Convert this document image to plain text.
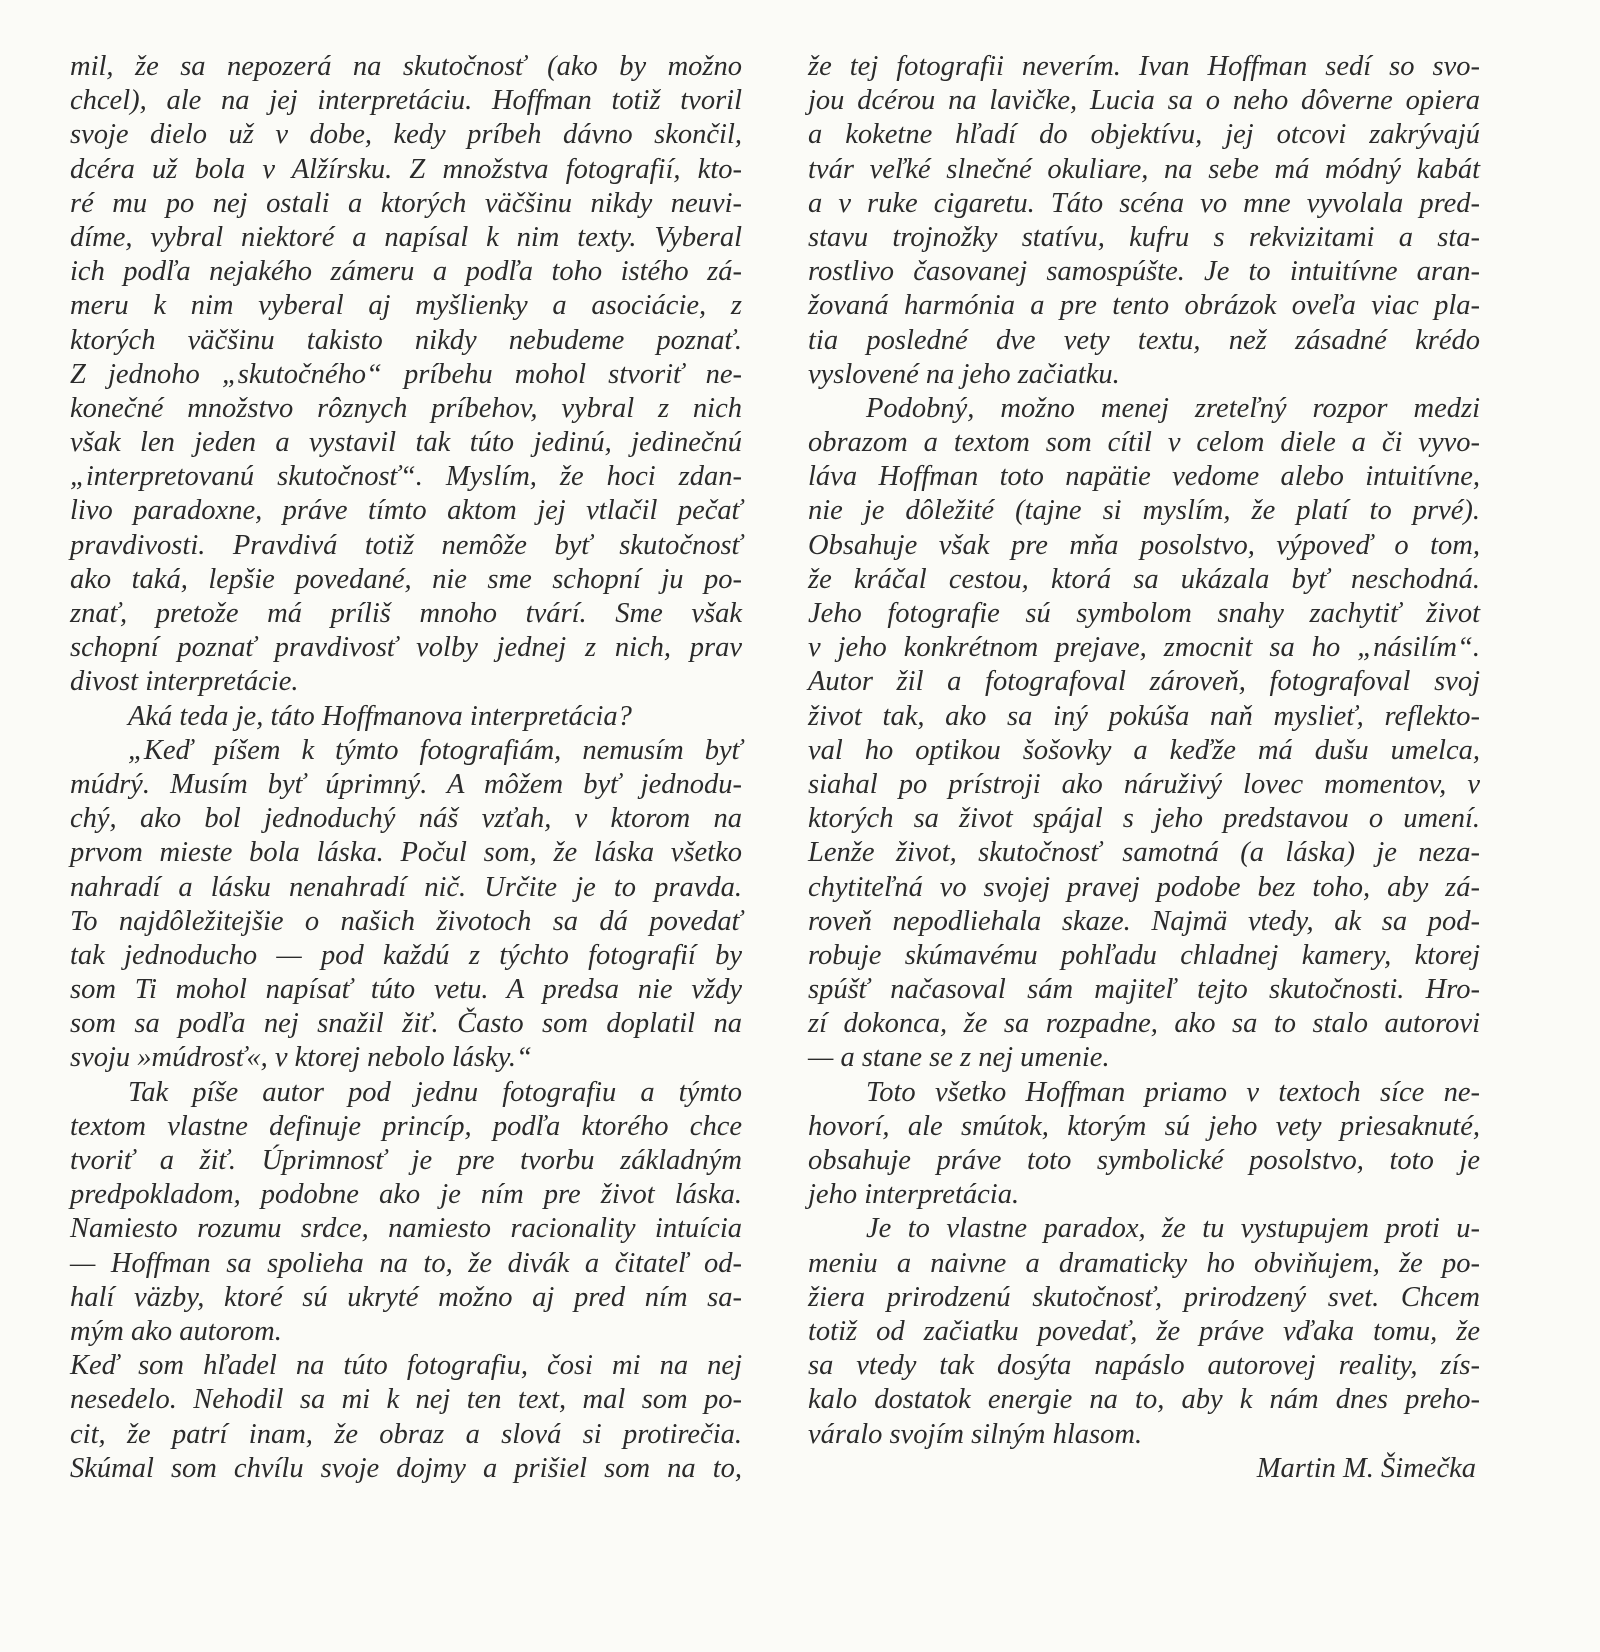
mil, že sa nepozerá na skutočnosť (ako by možno
chcel), ale na jej interpretáciu. Hoffman totiž tvoril
svoje dielo už v dobe, kedy príbeh dávno skončil,
dcéra už bola v Alžírsku. Z množstva fotografií, kto-
ré mu po nej ostali a ktorých väčšinu nikdy neuvi-
díme, vybral niektoré a napísal k nim texty. Vyberal
ich podľa nejakého zámeru a podľa toho istého zá-
meru k nim vyberal aj myšlienky a asociácie, z
ktorých väčšinu takisto nikdy nebudeme poznať.
Z jednoho „skutočného“ príbehu mohol stvoriť ne-
konečné množstvo rôznych príbehov, vybral z nich
však len jeden a vystavil tak túto jedinú, jedinečnú
„interpretovanú skutočnosť“. Myslím, že hoci zdan-
livo paradoxne, práve tímto aktom jej vtlačil pečať
pravdivosti. Pravdivá totiž nemôže byť skutočnosť
ako taká, lepšie povedané, nie sme schopní ju po-
znať, pretože má príliš mnoho tvárí. Sme však
schopní poznať pravdivosť volby jednej z nich, prav
divost interpretácie.
Aká teda je, táto Hoffmanova interpretácia?
„Keď píšem k týmto fotografiám, nemusím byť
múdrý. Musím byť úprimný. A môžem byť jednodu-
chý, ako bol jednoduchý náš vzťah, v ktorom na
prvom mieste bola láska. Počul som, že láska všetko
nahradí a lásku nenahradí nič. Určite je to pravda.
To najdôležitejšie o našich životoch sa dá povedať
tak jednoducho — pod každú z týchto fotografií by
som Ti mohol napísať túto vetu. A predsa nie vždy
som sa podľa nej snažil žiť. Často som doplatil na
svoju »múdrosť«, v ktorej nebolo lásky.“
Tak píše autor pod jednu fotografiu a týmto
textom vlastne definuje princíp, podľa ktorého chce
tvoriť a žiť. Úprimnosť je pre tvorbu základným
predpokladom, podobne ako je ním pre život láska.
Namiesto rozumu srdce, namiesto racionality intuícia
— Hoffman sa spolieha na to, že divák a čitateľ od-
halí väzby, ktoré sú ukryté možno aj pred ním sa-
mým ako autorom.
Keď som hľadel na túto fotografiu, čosi mi na nej
nesedelo. Nehodil sa mi k nej ten text, mal som po-
cit, že patrí inam, že obraz a slová si protirečia.
Skúmal som chvílu svoje dojmy a prišiel som na to,
že tej fotografii neverím. Ivan Hoffman sedí so svo-
jou dcérou na lavičke, Lucia sa o neho dôverne opiera
a koketne hľadí do objektívu, jej otcovi zakrývajú
tvár veľké slnečné okuliare, na sebe má módný kabát
a v ruke cigaretu. Táto scéna vo mne vyvolala pred-
stavu trojnožky statívu, kufru s rekvizitami a sta-
rostlivo časovanej samospúšte. Je to intuitívne aran-
žovaná harmónia a pre tento obrázok oveľa viac pla-
tia posledné dve vety textu, než zásadné krédo
vyslovené na jeho začiatku.
Podobný, možno menej zreteľný rozpor medzi
obrazom a textom som cítil v celom diele a či vyvo-
láva Hoffman toto napätie vedome alebo intuitívne,
nie je dôležité (tajne si myslím, že platí to prvé).
Obsahuje však pre mňa posolstvo, výpoveď o tom,
že kráčal cestou, ktorá sa ukázala byť neschodná.
Jeho fotografie sú symbolom snahy zachytiť život
v jeho konkrétnom prejave, zmocnit sa ho „násilím“.
Autor žil a fotografoval zároveň, fotografoval svoj
život tak, ako sa iný pokúša naň myslieť, reflekto-
val ho optikou šošovky a keďže má dušu umelca,
siahal po prístroji ako náruživý lovec momentov, v
ktorých sa život spájal s jeho predstavou o umení.
Lenže život, skutočnosť samotná (a láska) je neza-
chytiteľná vo svojej pravej podobe bez toho, aby zá-
roveň nepodliehala skaze. Najmä vtedy, ak sa pod-
robuje skúmavému pohľadu chladnej kamery, ktorej
spúšť načasoval sám majiteľ tejto skutočnosti. Hro-
zí dokonca, že sa rozpadne, ako sa to stalo autorovi
— a stane se z nej umenie.
Toto všetko Hoffman priamo v textoch síce ne-
hovorí, ale smútok, ktorým sú jeho vety priesaknuté,
obsahuje práve toto symbolické posolstvo, toto je
jeho interpretácia.
Je to vlastne paradox, že tu vystupujem proti u-
meniu a naivne a dramaticky ho obviňujem, že po-
žiera prirodzenú skutočnosť, prirodzený svet. Chcem
totiž od začiatku povedať, že práve vďaka tomu, že
sa vtedy tak dosýta napáslo autorovej reality, zís-
kalo dostatok energie na to, aby k nám dnes preho-
váralo svojím silným hlasom.
Martin M. Šimečka
